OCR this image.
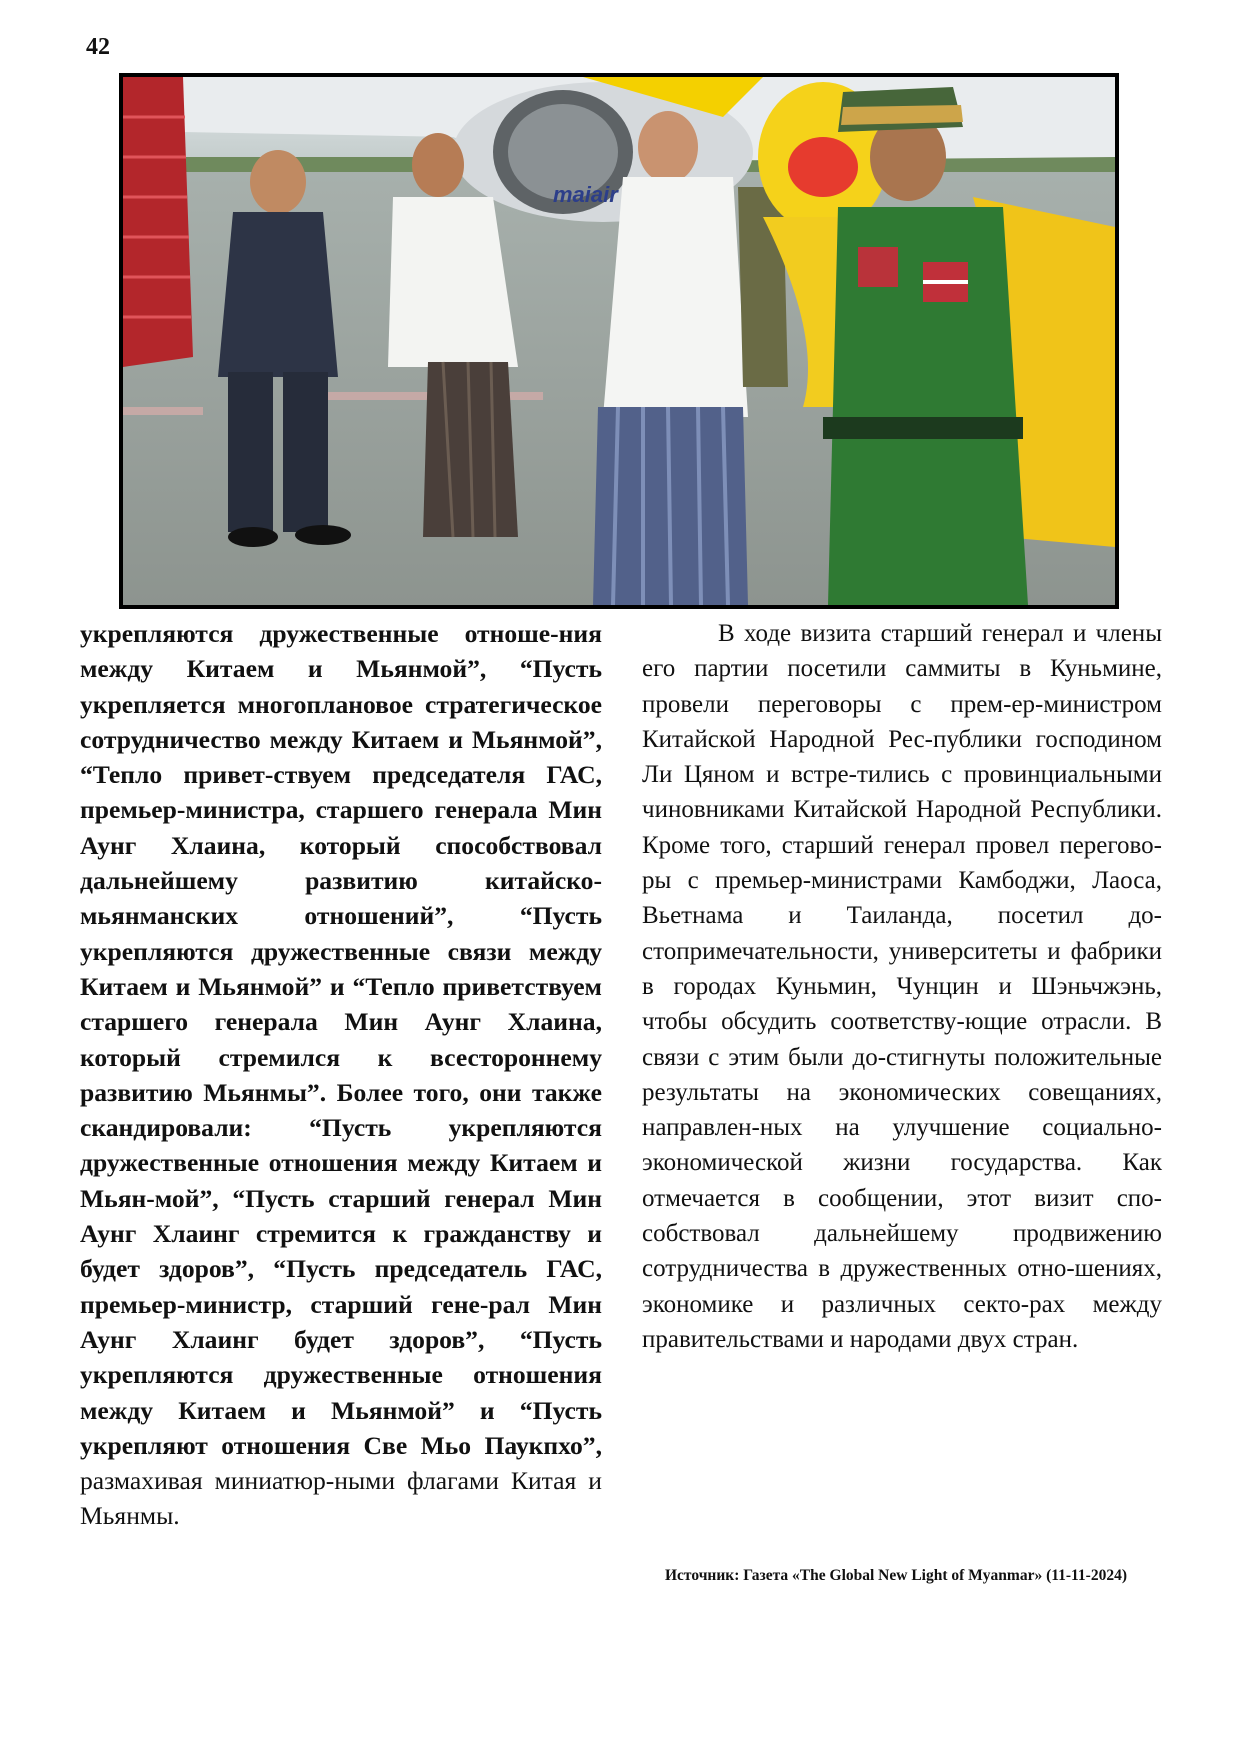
42
maiair

укрепляются дружественные отноше-ния между Китаем и Мьянмой”, “Пусть укрепляется многоплановое стратегическое сотрудничество между Китаем и Мьянмой”, “Тепло привет-ствуем председателя ГАС, премьер-министра, старшего генерала Мин Аунг Хлаина, который способствовал дальнейшему развитию китайско-мьянманских отношений”, “Пусть укрепляются дружественные связи между Китаем и Мьянмой” и “Тепло приветствуем старшего генерала Мин Аунг Хлаина, который стремился к всестороннему развитию Мьянмы”. Более того, они также скандировали: “Пусть укрепляются дружественные отношения между Китаем и Мьян-мой”, “Пусть старший генерал Мин Аунг Хлаинг стремится к гражданству и будет здоров”, “Пусть председатель ГАС, премьер-министр, старший гене-рал Мин Аунг Хлаинг будет здоров”, “Пусть укрепляются дружественные отношения между Китаем и Мьянмой” и “Пусть укрепляют отношения Све Мьо Паукпхо”, размахивая миниатюр-ными флагами Китая и Мьянмы.

В ходе визита старший генерал и члены его партии посетили саммиты в Куньмине, провели переговоры с прем-ер-министром Китайской Народной Рес-публики господином Ли Цяном и встре-тились с провинциальными чиновниками Китайской Народной Республики. Кроме того, старший генерал провел перегово-ры с премьер-министрами Камбоджи, Лаоса, Вьетнама и Таиланда, посетил до-стопримечательности, университеты и фабрики в городах Куньмин, Чунцин и Шэньчжэнь, чтобы обсудить соответству-ющие отрасли. В связи с этим были до-стигнуты положительные результаты на экономических совещаниях, направлен-ных на улучшение социально-экономической жизни государства. Как отмечается в сообщении, этот визит спо-собствовал дальнейшему продвижению сотрудничества в дружественных отно-шениях, экономике и различных секто-рах между правительствами и народами двух стран.

Источник: Газета «The Global New Light of Myanmar» (11-11-2024)
